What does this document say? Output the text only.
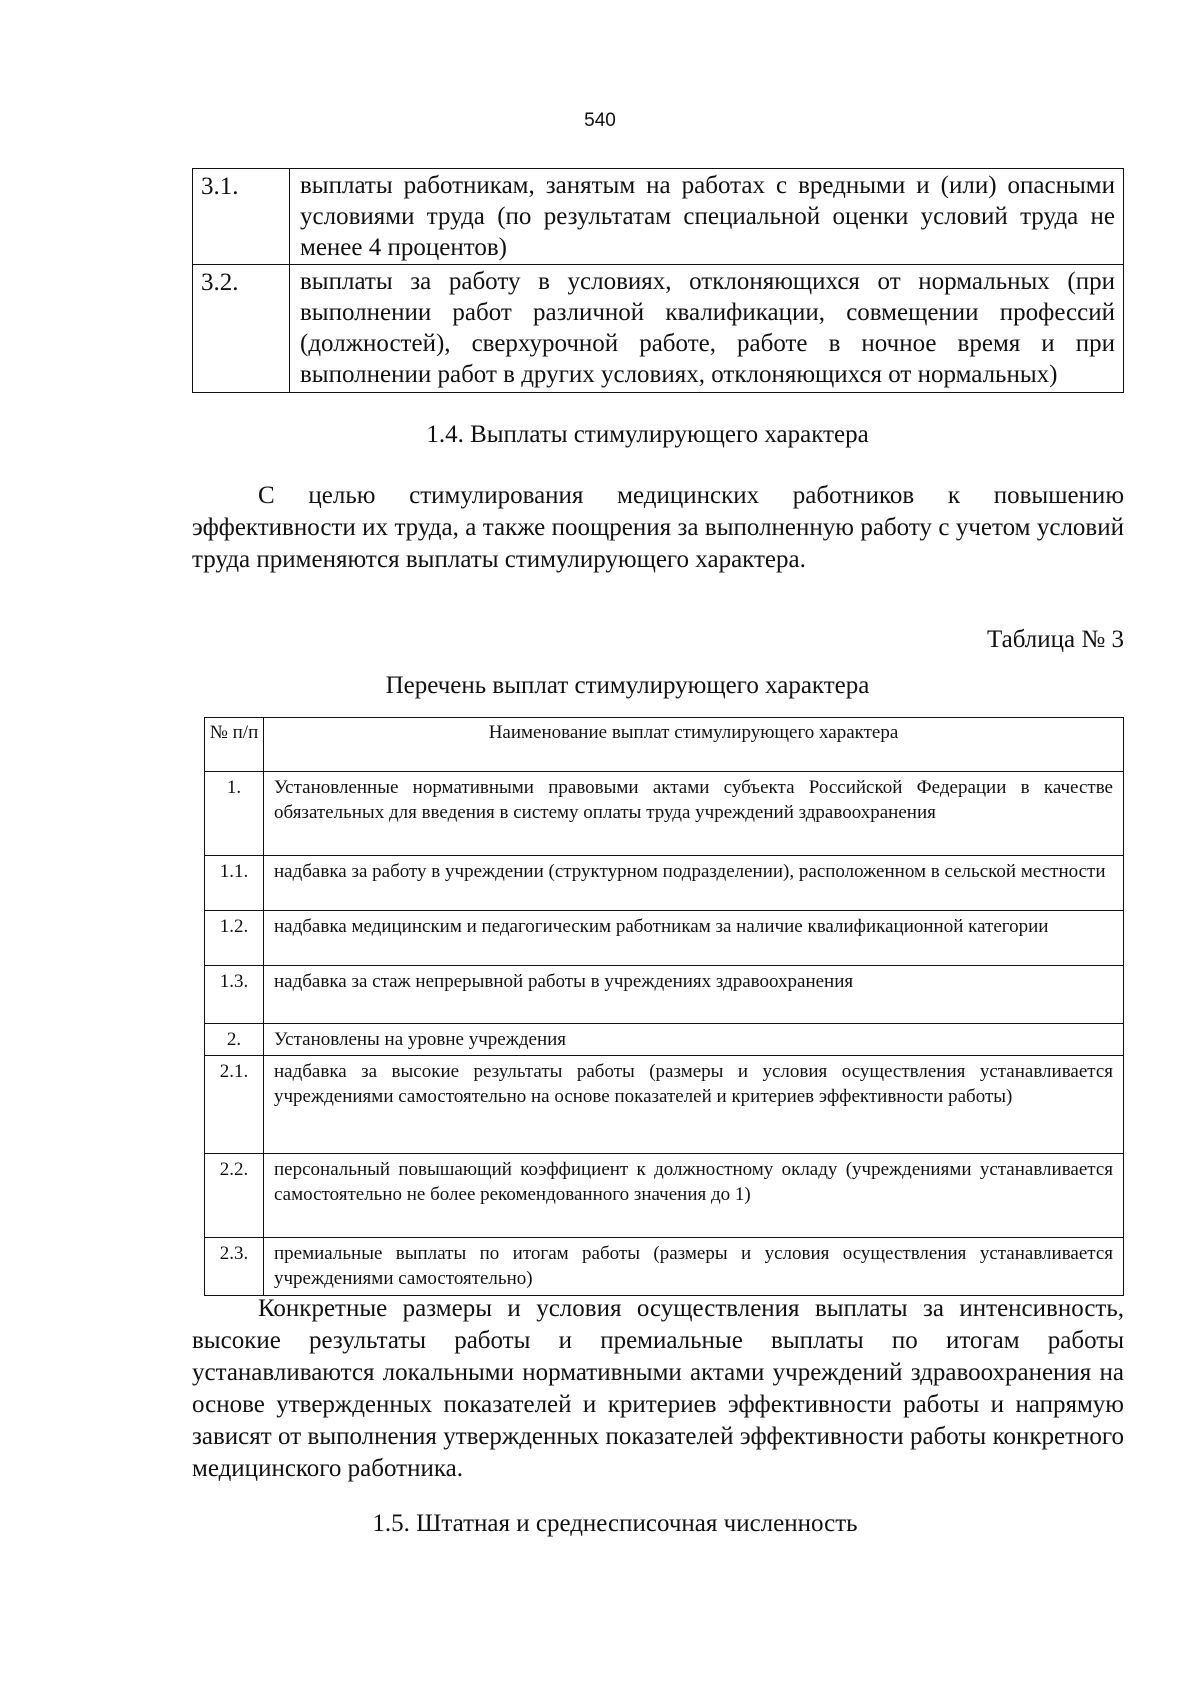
540
3.1.	выплаты работникам, занятым на работах с вредными и (или) опасными условиями труда (по результатам специальной оценки условий труда не менее 4 процентов)
3.2.	выплаты за работу в условиях, отклоняющихся от нормальных (при выполнении работ различной квалификации, совмещении профессий (должностей), сверхурочной работе, работе в ночное время и при выполнении работ в других условиях, отклоняющихся от нормальных)
1.4. Выплаты стимулирующего характера

С целью стимулирования медицинских работников к повышению эффективности их труда, а также поощрения за выполненную работу с учетом условий труда применяются выплаты стимулирующего характера.

Таблица № 3
Перечень выплат стимулирующего характера
№ п/п	Наименование выплат стимулирующего характера
1.	Установленные нормативными правовыми актами субъекта Российской Федерации в качестве обязательных для введения в систему оплаты труда учреждений здравоохранения
1.1.	надбавка за работу в учреждении (структурном подразделении), расположенном в сельской местности
1.2.	надбавка медицинским и педагогическим работникам за наличие квалификационной категории
1.3.	надбавка за стаж непрерывной работы в учреждениях здравоохранения
2.	Установлены на уровне учреждения
2.1.	надбавка за высокие результаты работы (размеры и условия осуществления устанавливается учреждениями самостоятельно на основе показателей и критериев эффективности работы)
2.2.	персональный повышающий коэффициент к должностному окладу (учреждениями устанавливается самостоятельно не более рекомендованного значения до 1)
2.3.	премиальные выплаты по итогам работы (размеры и условия осуществления устанавливается учреждениями самостоятельно)

Конкретные размеры и условия осуществления выплаты за интенсивность, высокие результаты работы и премиальные выплаты по итогам работы устанавливаются локальными нормативными актами учреждений здравоохранения на основе утвержденных показателей и критериев эффективности работы и напрямую зависят от выполнения утвержденных показателей эффективности работы конкретного медицинского работника.

1.5. Штатная и среднесписочная численность
